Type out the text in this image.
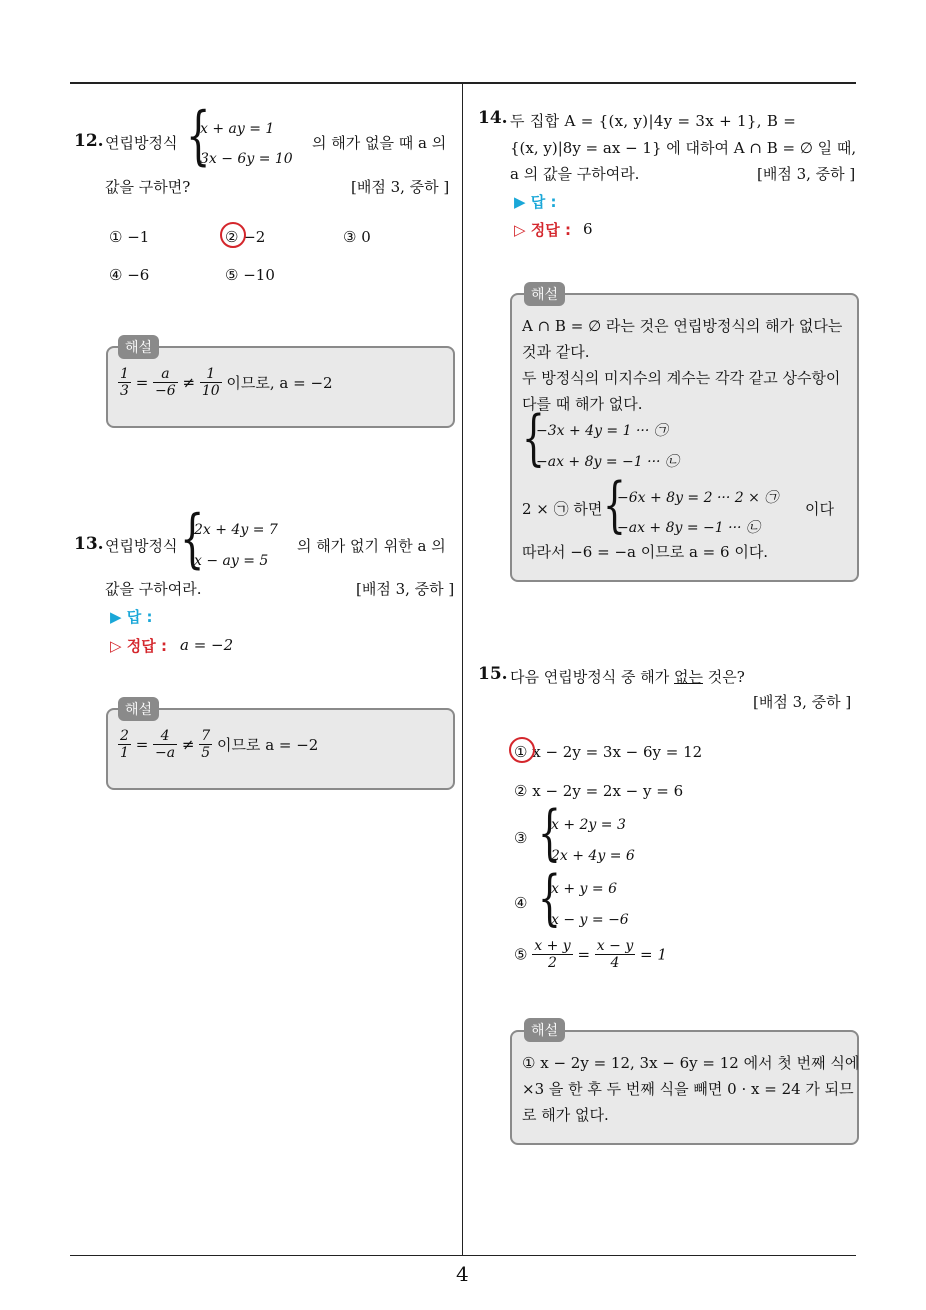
4
12. 연립방정식 {
x + ay = 1
3x − 6y = 10
의 해가 없을 때 a 의
값을 구하면?	[배점 3, 중하 ]
① −1	② −2	③ 0
④ −6	⑤ −10
해설
$\frac{1}{3} = \frac{a}{-6} \ne \frac{1}{10}$ 이므로, a = −2
13. 연립방정식 {
2x + 4y = 7
x − ay = 5
의 해가 없기 위한 a 의
값을 구하여라.	[배점 3, 중하 ]
▶ 답 :
▷ 정답 : a = −2
해설
$\frac{2}{1} = \frac{4}{-a} \ne \frac{7}{5}$ 이므로 a = −2
14. 두 집합 A = {(x, y)|4y = 3x + 1}, B =
{(x, y)|8y = ax − 1} 에 대하여 A ∩ B = ∅ 일 때,
a 의 값을 구하여라.	[배점 3, 중하 ]
▶ 답 :
▷ 정답 : 6
해설
A ∩ B = ∅ 라는 것은 연립방정식의 해가 없다는
것과 같다.
두 방정식의 미지수의 계수는 각각 같고 상수항이
다를 때 해가 없다.
{
−3x + 4y = 1 ··· ㉠
−ax + 8y = −1 ··· ㉡
2 × ㉠ 하면 {
−6x + 8y = 2 ··· 2 × ㉠
−ax + 8y = −1 ··· ㉡
이다
따라서 −6 = −a 이므로 a = 6 이다.
15. 다음 연립방정식 중 해가 없는 것은?
[배점 3, 중하 ]
① x − 2y = 3x − 6y = 12
② x − 2y = 2x − y = 6
③ {
x + 2y = 3
2x + 4y = 6
④ {
x + y = 6
x − y = −6
⑤ $\frac{x + y}{2} = \frac{x - y}{4} = 1$
해설
① x − 2y = 12, 3x − 6y = 12 에서 첫 번째 식에
×3 을 한 후 두 번째 식을 빼면 0 · x = 24 가 되므
로 해가 없다.
